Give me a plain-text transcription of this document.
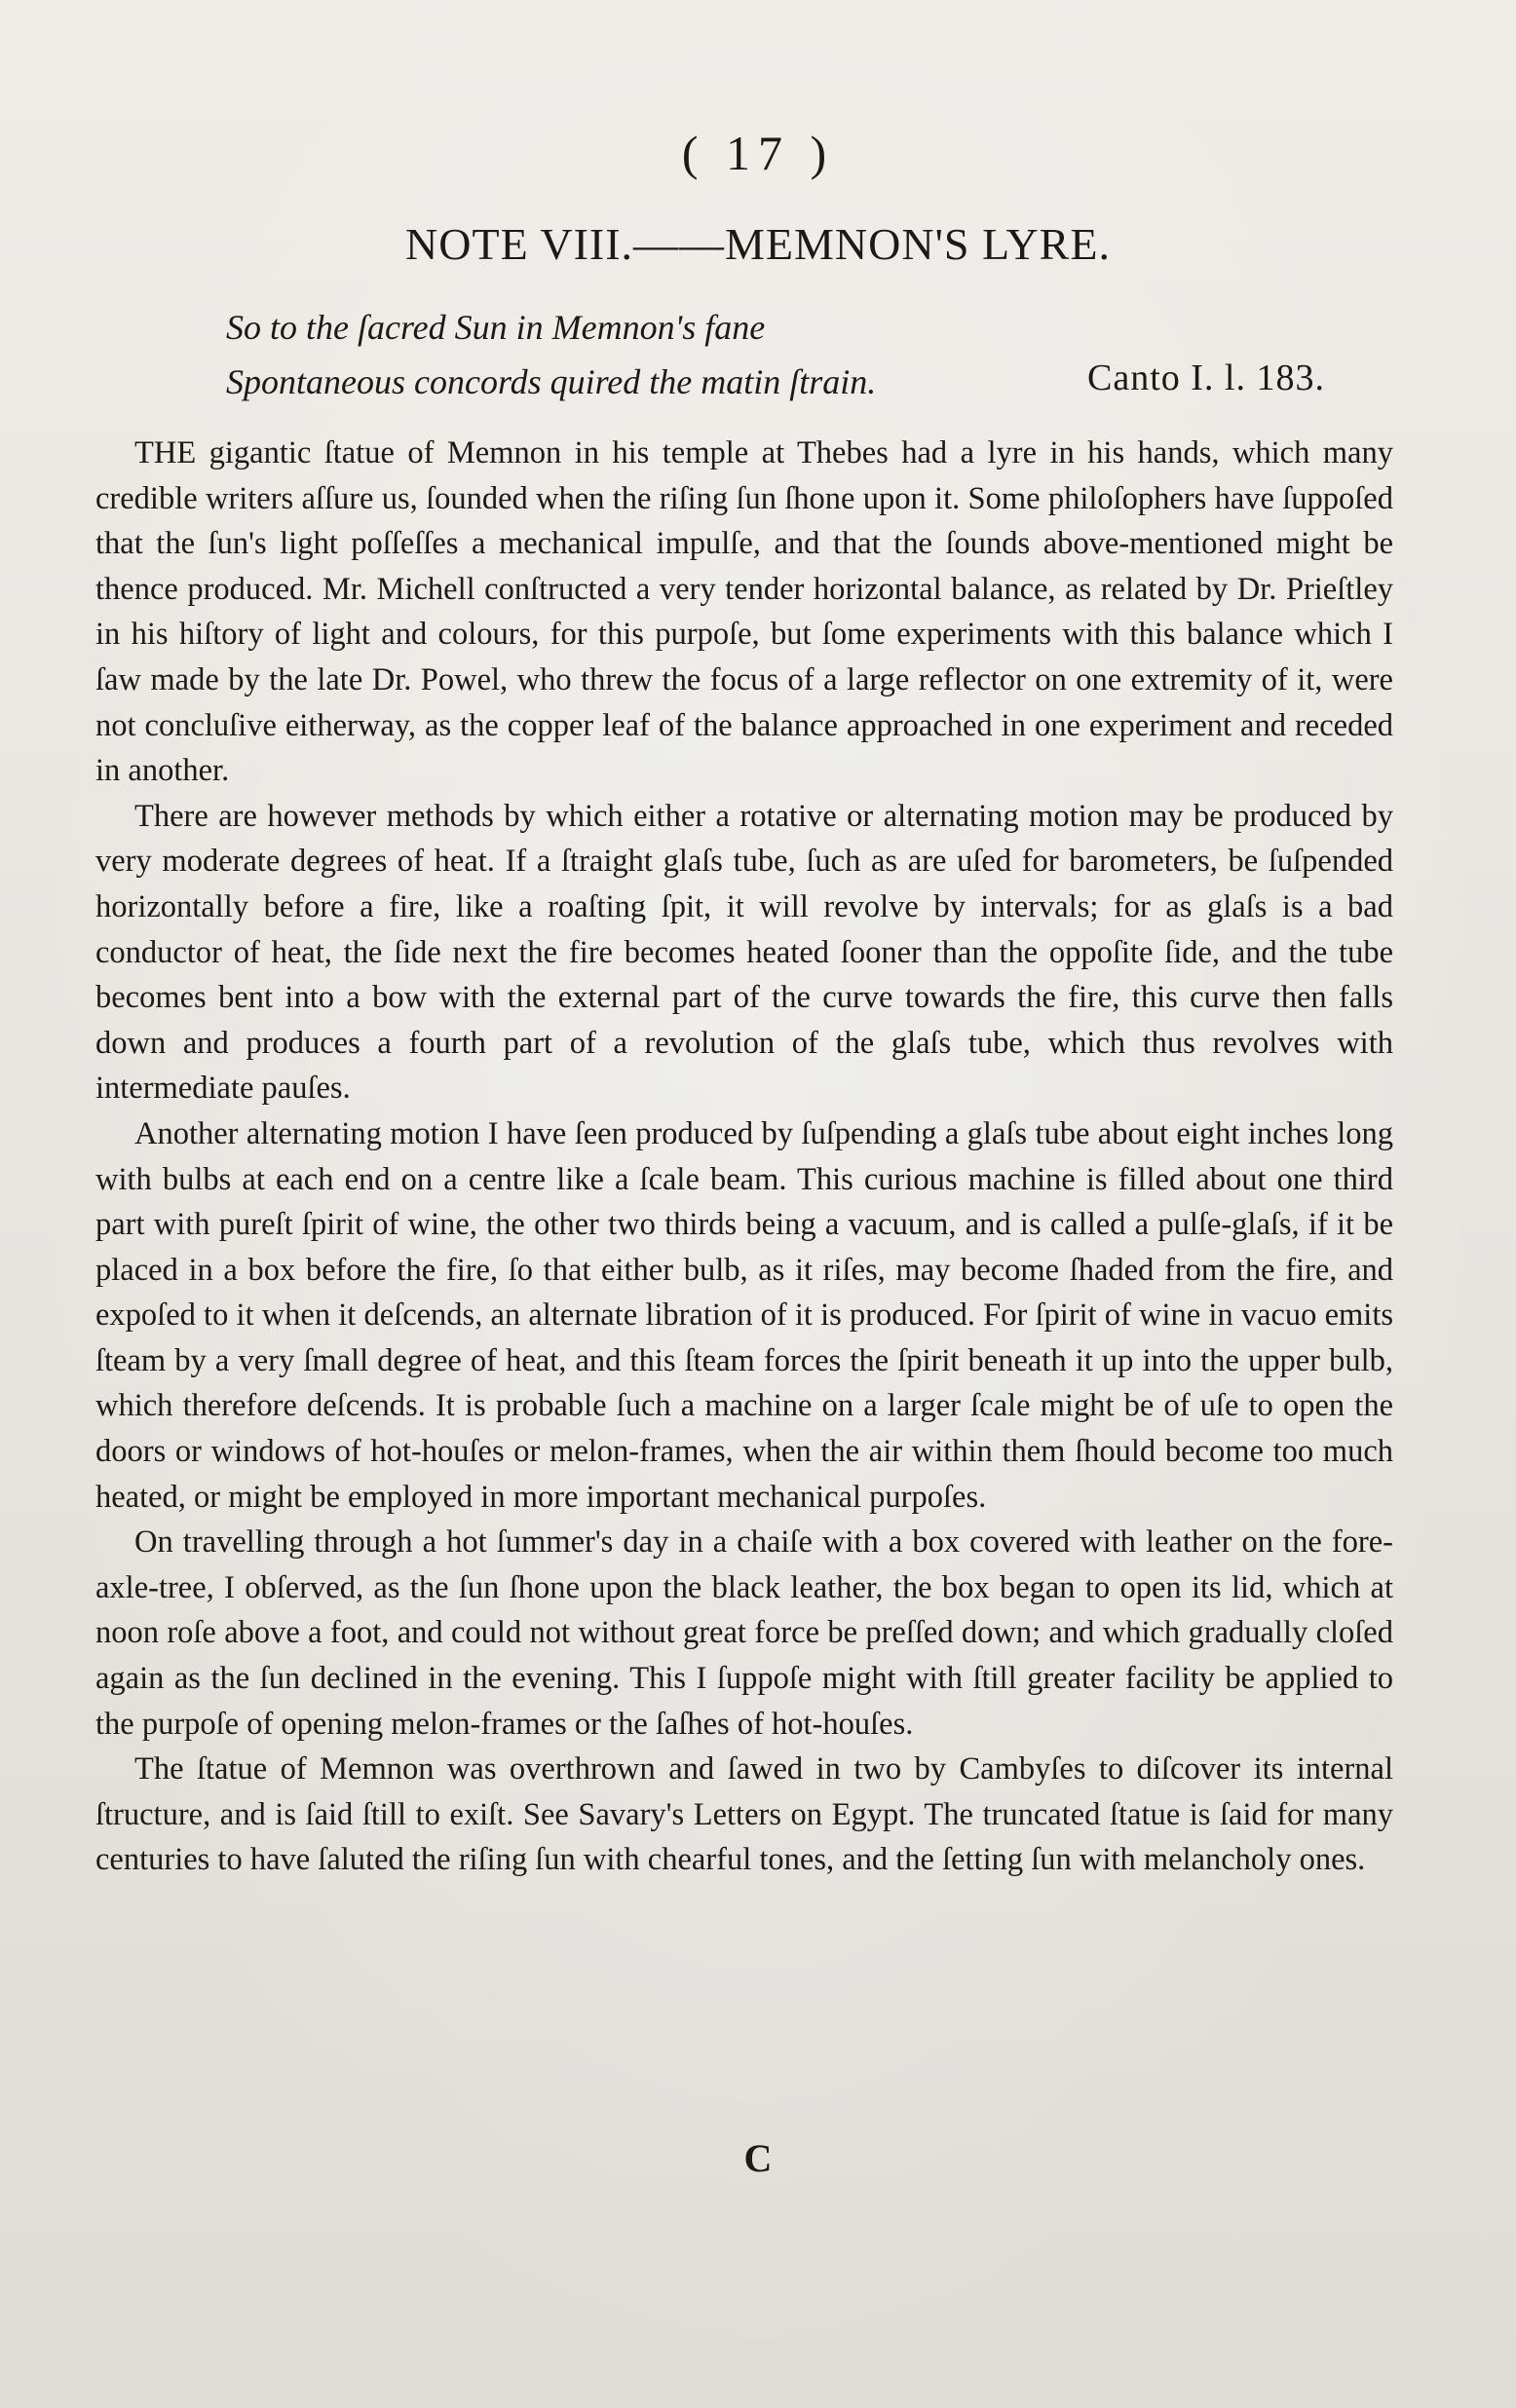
( 17 )
NOTE VIII.——MEMNON'S LYRE.
So to the ſacred Sun in Memnon's fane
Spontaneous concords quired the matin ſtrain.	Canto I. l. 183.

THE gigantic ſtatue of Memnon in his temple at Thebes had a lyre in his hands, which many credible writers aſſure us, ſounded when the riſing ſun ſhone upon it. Some philoſophers have ſuppoſed that the ſun's light poſſeſſes a mechanical impulſe, and that the ſounds above-mentioned might be thence produced. Mr. Michell conſtructed a very tender horizontal balance, as related by Dr. Prieſtley in his hiſtory of light and colours, for this purpoſe, but ſome experiments with this balance which I ſaw made by the late Dr. Powel, who threw the focus of a large reflector on one extremity of it, were not concluſive eitherway, as the copper leaf of the balance approached in one experiment and receded in another.

There are however methods by which either a rotative or alternating motion may be produced by very moderate degrees of heat. If a ſtraight glaſs tube, ſuch as are uſed for barometers, be ſuſpended horizontally before a fire, like a roaſting ſpit, it will revolve by intervals; for as glaſs is a bad conductor of heat, the ſide next the fire becomes heated ſooner than the oppoſite ſide, and the tube becomes bent into a bow with the external part of the curve towards the fire, this curve then falls down and produces a fourth part of a revolution of the glaſs tube, which thus revolves with intermediate pauſes.

Another alternating motion I have ſeen produced by ſuſpending a glaſs tube about eight inches long with bulbs at each end on a centre like a ſcale beam. This curious machine is filled about one third part with pureſt ſpirit of wine, the other two thirds being a vacuum, and is called a pulſe-glaſs, if it be placed in a box before the fire, ſo that either bulb, as it riſes, may become ſhaded from the fire, and expoſed to it when it deſcends, an alternate libration of it is produced. For ſpirit of wine in vacuo emits ſteam by a very ſmall degree of heat, and this ſteam forces the ſpirit beneath it up into the upper bulb, which therefore deſcends. It is probable ſuch a machine on a larger ſcale might be of uſe to open the doors or windows of hot-houſes or melon-frames, when the air within them ſhould become too much heated, or might be employed in more important mechanical purpoſes.

On travelling through a hot ſummer's day in a chaiſe with a box covered with leather on the fore-axle-tree, I obſerved, as the ſun ſhone upon the black leather, the box began to open its lid, which at noon roſe above a foot, and could not without great force be preſſed down; and which gradually cloſed again as the ſun declined in the evening. This I ſuppoſe might with ſtill greater facility be applied to the purpoſe of opening melon-frames or the ſaſhes of hot-houſes.

The ſtatue of Memnon was overthrown and ſawed in two by Cambyſes to diſcover its internal ſtructure, and is ſaid ſtill to exiſt. See Savary's Letters on Egypt. The truncated ſtatue is ſaid for many centuries to have ſaluted the riſing ſun with chearful tones, and the ſetting ſun with melancholy ones.

C
